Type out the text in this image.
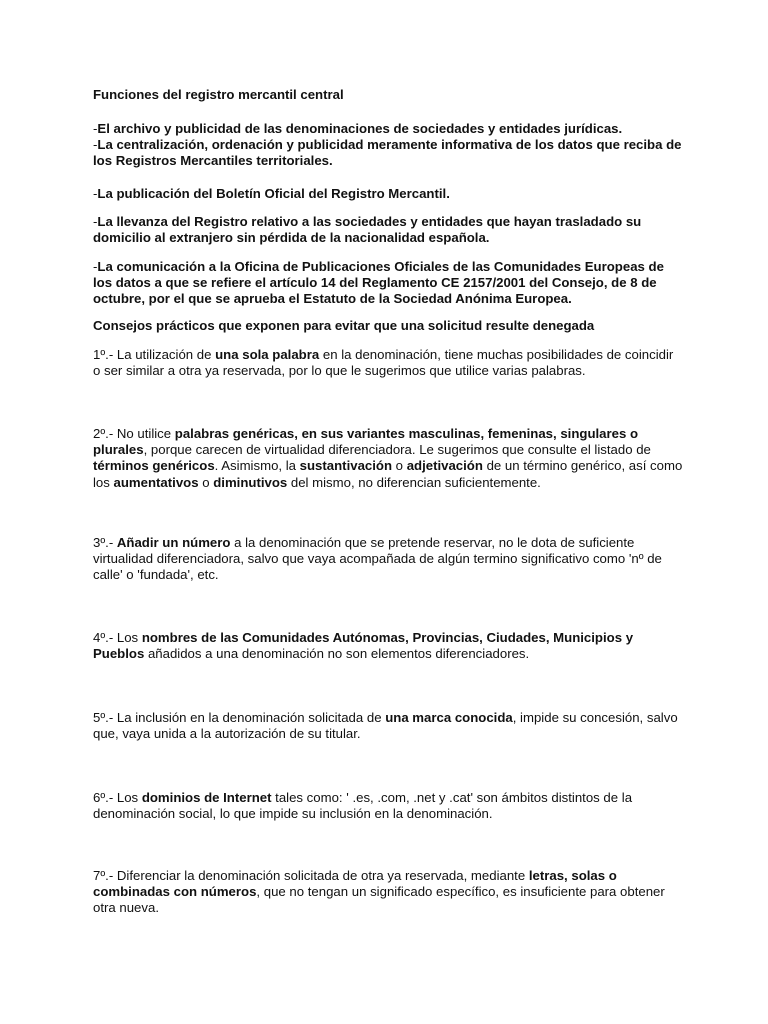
Funciones del registro mercantil central

-El archivo y publicidad de las denominaciones de sociedades y entidades jurídicas.

-La centralización, ordenación y publicidad meramente informativa de los datos que reciba de los Registros Mercantiles territoriales.

-La publicación del Boletín Oficial del Registro Mercantil.

-La llevanza del Registro relativo a las sociedades y entidades que hayan trasladado su domicilio al extranjero sin pérdida de la nacionalidad española.

-La comunicación a la Oficina de Publicaciones Oficiales de las Comunidades Europeas de los datos a que se refiere el artículo 14 del Reglamento CE 2157/2001 del Consejo, de 8 de octubre, por el que se aprueba el Estatuto de la Sociedad Anónima Europea.

Consejos prácticos que exponen para evitar que una solicitud resulte denegada

1º.- La utilización de una sola palabra en la denominación, tiene muchas posibilidades de coincidir o ser similar a otra ya reservada, por lo que le sugerimos que utilice varias palabras.

2º.- No utilice palabras genéricas, en sus variantes masculinas, femeninas, singulares o plurales, porque carecen de virtualidad diferenciadora. Le sugerimos que consulte el listado de términos genéricos. Asimismo, la sustantivación o adjetivación de un término genérico, así como los aumentativos o diminutivos del mismo, no diferencian suficientemente.

3º.- Añadir un número a la denominación que se pretende reservar, no le dota de suficiente virtualidad diferenciadora, salvo que vaya acompañada de algún termino significativo como 'nº de calle' o 'fundada', etc.

4º.- Los nombres de las Comunidades Autónomas, Provincias, Ciudades, Municipios y Pueblos añadidos a una denominación no son elementos diferenciadores.

5º.- La inclusión en la denominación solicitada de una marca conocida, impide su concesión, salvo que, vaya unida a la autorización de su titular.

6º.- Los dominios de Internet tales como: ' .es, .com, .net y .cat' son ámbitos distintos de la denominación social, lo que impide su inclusión en la denominación.

7º.- Diferenciar la denominación solicitada de otra ya reservada, mediante letras, solas o combinadas con números, que no tengan un significado específico, es insuficiente para obtener otra nueva.
